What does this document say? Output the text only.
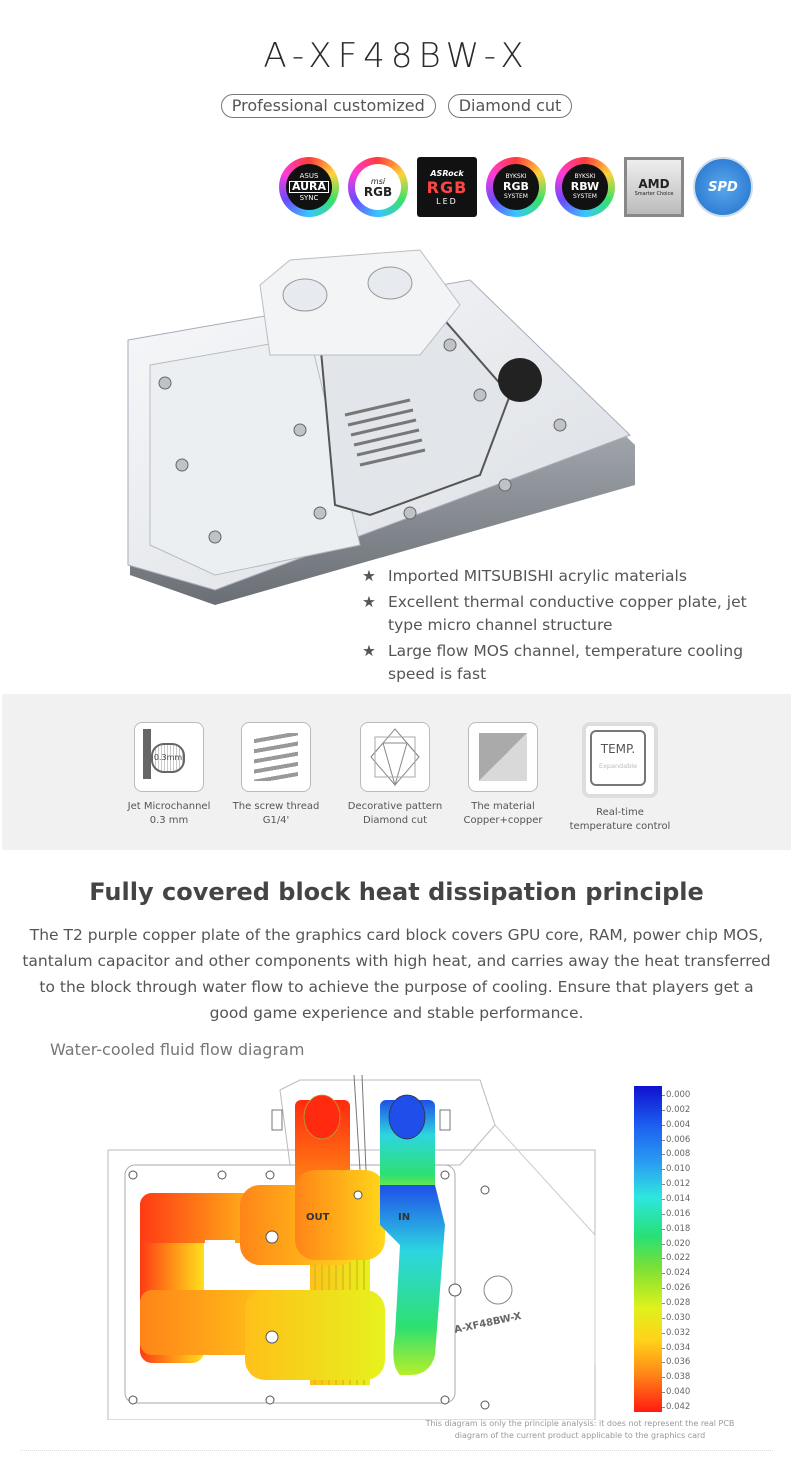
A-XF48BW-X
Professional customized	Diamond cut
ASUS
AURA
SYNC
msi
RGB
ASRock
RGB
LED
BYKSKI
RGB
SYSTEM
BYKSKI
RBW
SYSTEM
AMD
Smarter Choice	SPD
★ Imported MITSUBISHI acrylic materials
★ Excellent thermal conductive copper plate, jet type micro channel structure
★ Large flow MOS channel, temperature cooling speed is fast
0.3mm
Jet Microchannel
0.3 mm
The screw thread
G1/4'
Decorative pattern
Diamond cut
The material
Copper+copper
TEMP.
Expandable
Real-time
temperature control
Fully covered block heat dissipation principle
The T2 purple copper plate of the graphics card block covers GPU core, RAM, power chip MOS, tantalum capacitor and other components with high heat, and carries away the heat transferred to the block through water flow to achieve the purpose of cooling. Ensure that players get a good game experience and stable performance.
Water-cooled fluid flow diagram
OUT	IN
A-XF48BW-X
0.000
0.002
0.004
0.006
0.008
0.010
0.012
0.014
0.016
0.018
0.020
0.022
0.024
0.026
0.028
0.030
0.032
0.034
0.036
0.038
0.040
0.042
This diagram is only the principle analysis: it does not represent the real PCB
diagram of the current product applicable to the graphics card
